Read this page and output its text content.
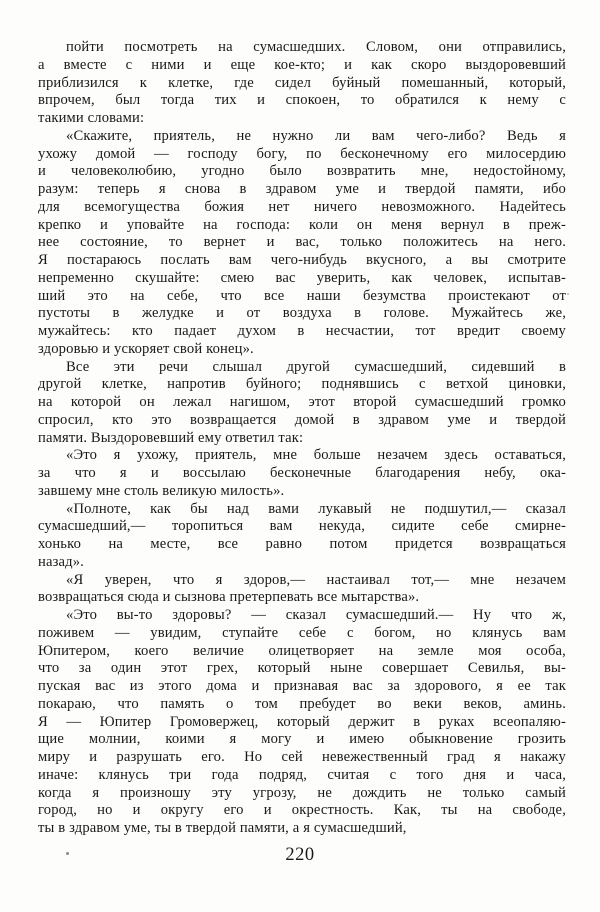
пойти посмотреть на сумасшедших. Словом, они отправились,
а вместе с ними и еще кое-кто; и как скоро выздоровевший
приблизился к клетке, где сидел буйный помешанный, который,
впрочем, был тогда тих и спокоен, то обратился к нему с
такими словами:

«Скажите, приятель, не нужно ли вам чего-либо? Ведь я
ухожу домой — господу богу, по бесконечному его милосердию
и человеколюбию, угодно было возвратить мне, недостойному,
разум: теперь я снова в здравом уме и твердой памяти, ибо
для всемогущества божия нет ничего невозможного. Надейтесь
крепко и уповайте на господа: коли он меня вернул в преж-
нее состояние, то вернет и вас, только положитесь на него.
Я постараюсь послать вам чего-нибудь вкусного, а вы смотрите
непременно скушайте: смею вас уверить, как человек, испытав-
ший это на себе, что все наши безумства проистекают от
пустоты в желудке и от воздуха в голове. Мужайтесь же,
мужайтесь: кто падает духом в несчастии, тот вредит своему
здоровью и ускоряет свой конец».

Все эти речи слышал другой сумасшедший, сидевший в
другой клетке, напротив буйного; поднявшись с ветхой циновки,
на которой он лежал нагишом, этот второй сумасшедший громко
спросил, кто это возвращается домой в здравом уме и твердой
памяти. Выздоровевший ему ответил так:

«Это я ухожу, приятель, мне больше незачем здесь оставаться,
за что я и воссылаю бесконечные благодарения небу, ока-
завшему мне столь великую милость».

«Полноте, как бы над вами лукавый не подшутил,— сказал
сумасшедший,— торопиться вам некуда, сидите себе смирне-
хонько на месте, все равно потом придется возвращаться
назад».

«Я уверен, что я здоров,— настаивал тот,— мне незачем
возвращаться сюда и сызнова претерпевать все мытарства».

«Это вы-то здоровы? — сказал сумасшедший.— Ну что ж,
поживем — увидим, ступайте себе с богом, но клянусь вам
Юпитером, коего величие олицетворяет на земле моя особа,
что за один этот грех, который ныне совершает Севилья, вы-
пуская вас из этого дома и признавая вас за здорового, я ее так
покараю, что память о том пребудет во веки веков, аминь.
Я — Юпитер Громовержец, который держит в руках всеопаляю-
щие молнии, коими я могу и имею обыкновение грозить
миру и разрушать его. Но сей невежественный град я накажу
иначе: клянусь три года подряд, считая с того дня и часа,
когда я произношу эту угрозу, не дождить не только самый
город, но и округу его и окрестность. Как, ты на свободе,
ты в здравом уме, ты в твердой памяти, а я сумасшедший,

220
